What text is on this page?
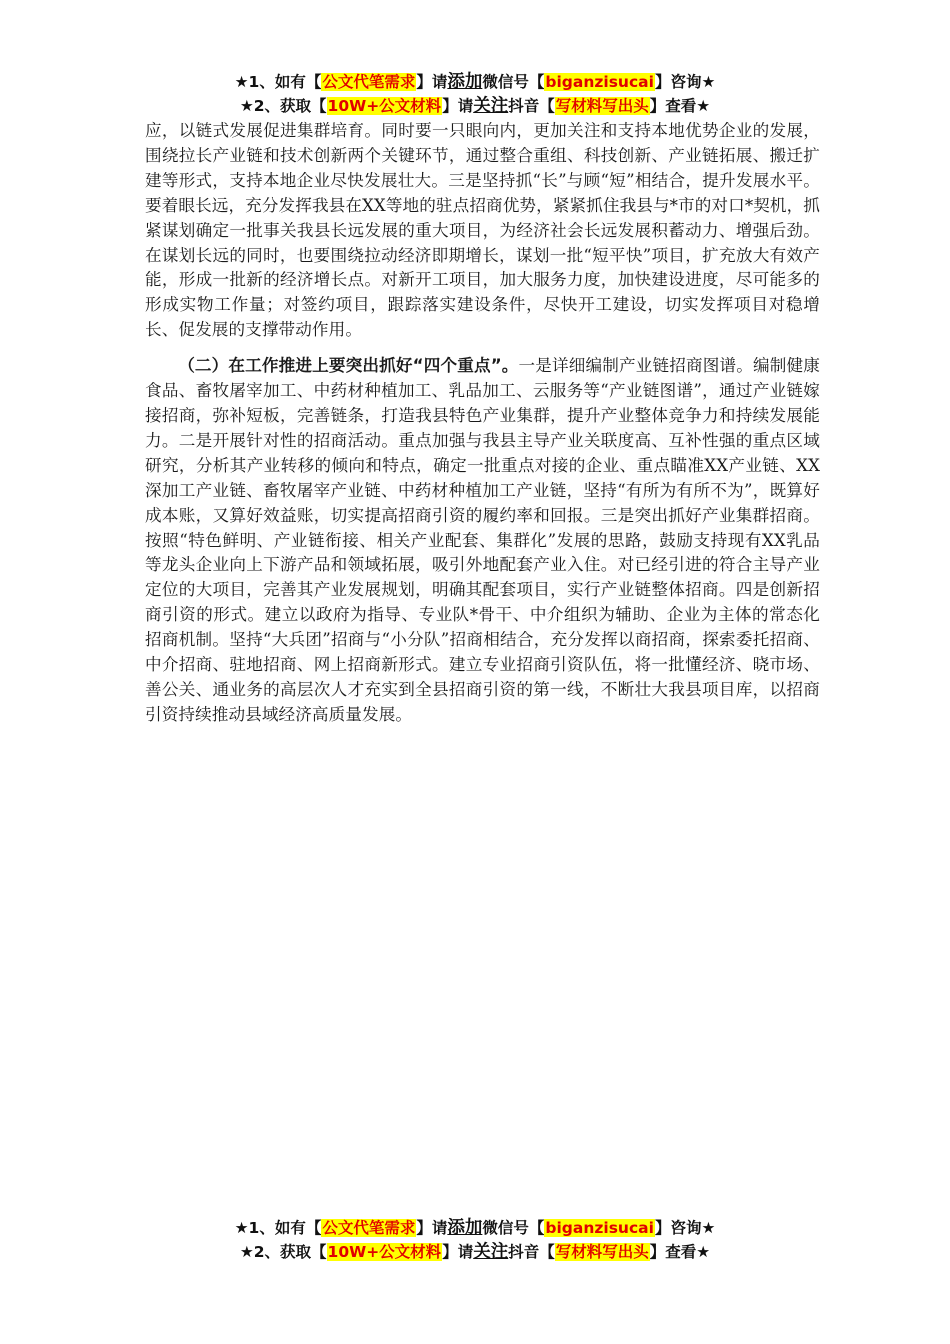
★1、如有【公文代笔需求】请添加微信号【biganzisucai】咨询★
★2、获取【10W+公文材料】请关注抖音【写材料写出头】查看★

应，以链式发展促进集群培育。同时要一只眼向内，更加关注和支持本地优势企业的发展，围绕拉长产业链和技术创新两个关键环节，通过整合重组、科技创新、产业链拓展、搬迁扩建等形式，支持本地企业尽快发展壮大。三是坚持抓“长”与顾“短”相结合，提升发展水平。要着眼长远，充分发挥我县在XX等地的驻点招商优势，紧紧抓住我县与*市的对口*契机，抓紧谋划确定一批事关我县长远发展的重大项目，为经济社会长远发展积蓄动力、增强后劲。在谋划长远的同时，也要围绕拉动经济即期增长，谋划一批“短平快”项目，扩充放大有效产能，形成一批新的经济增长点。对新开工项目，加大服务力度，加快建设进度，尽可能多的形成实物工作量；对签约项目，跟踪落实建设条件，尽快开工建设，切实发挥项目对稳增长、促发展的支撑带动作用。

（二）在工作推进上要突出抓好“四个重点”。一是详细编制产业链招商图谱。编制健康食品、畜牧屠宰加工、中药材种植加工、乳品加工、云服务等“产业链图谱”，通过产业链嫁接招商，弥补短板，完善链条，打造我县特色产业集群，提升产业整体竞争力和持续发展能力。二是开展针对性的招商活动。重点加强与我县主导产业关联度高、互补性强的重点区域研究，分析其产业转移的倾向和特点，确定一批重点对接的企业、重点瞄准XX产业链、XX深加工产业链、畜牧屠宰产业链、中药材种植加工产业链，坚持“有所为有所不为”，既算好成本账，又算好效益账，切实提高招商引资的履约率和回报。三是突出抓好产业集群招商。按照“特色鲜明、产业链衔接、相关产业配套、集群化”发展的思路，鼓励支持现有XX乳品等龙头企业向上下游产品和领域拓展，吸引外地配套产业入住。对已经引进的符合主导产业定位的大项目，完善其产业发展规划，明确其配套项目，实行产业链整体招商。四是创新招商引资的形式。建立以政府为指导、专业队*骨干、中介组织为辅助、企业为主体的常态化招商机制。坚持“大兵团”招商与“小分队”招商相结合，充分发挥以商招商，探索委托招商、中介招商、驻地招商、网上招商新形式。建立专业招商引资队伍，将一批懂经济、晓市场、善公关、通业务的高层次人才充实到全县招商引资的第一线，不断壮大我县项目库，以招商引资持续推动县域经济高质量发展。

★1、如有【公文代笔需求】请添加微信号【biganzisucai】咨询★
★2、获取【10W+公文材料】请关注抖音【写材料写出头】查看★
